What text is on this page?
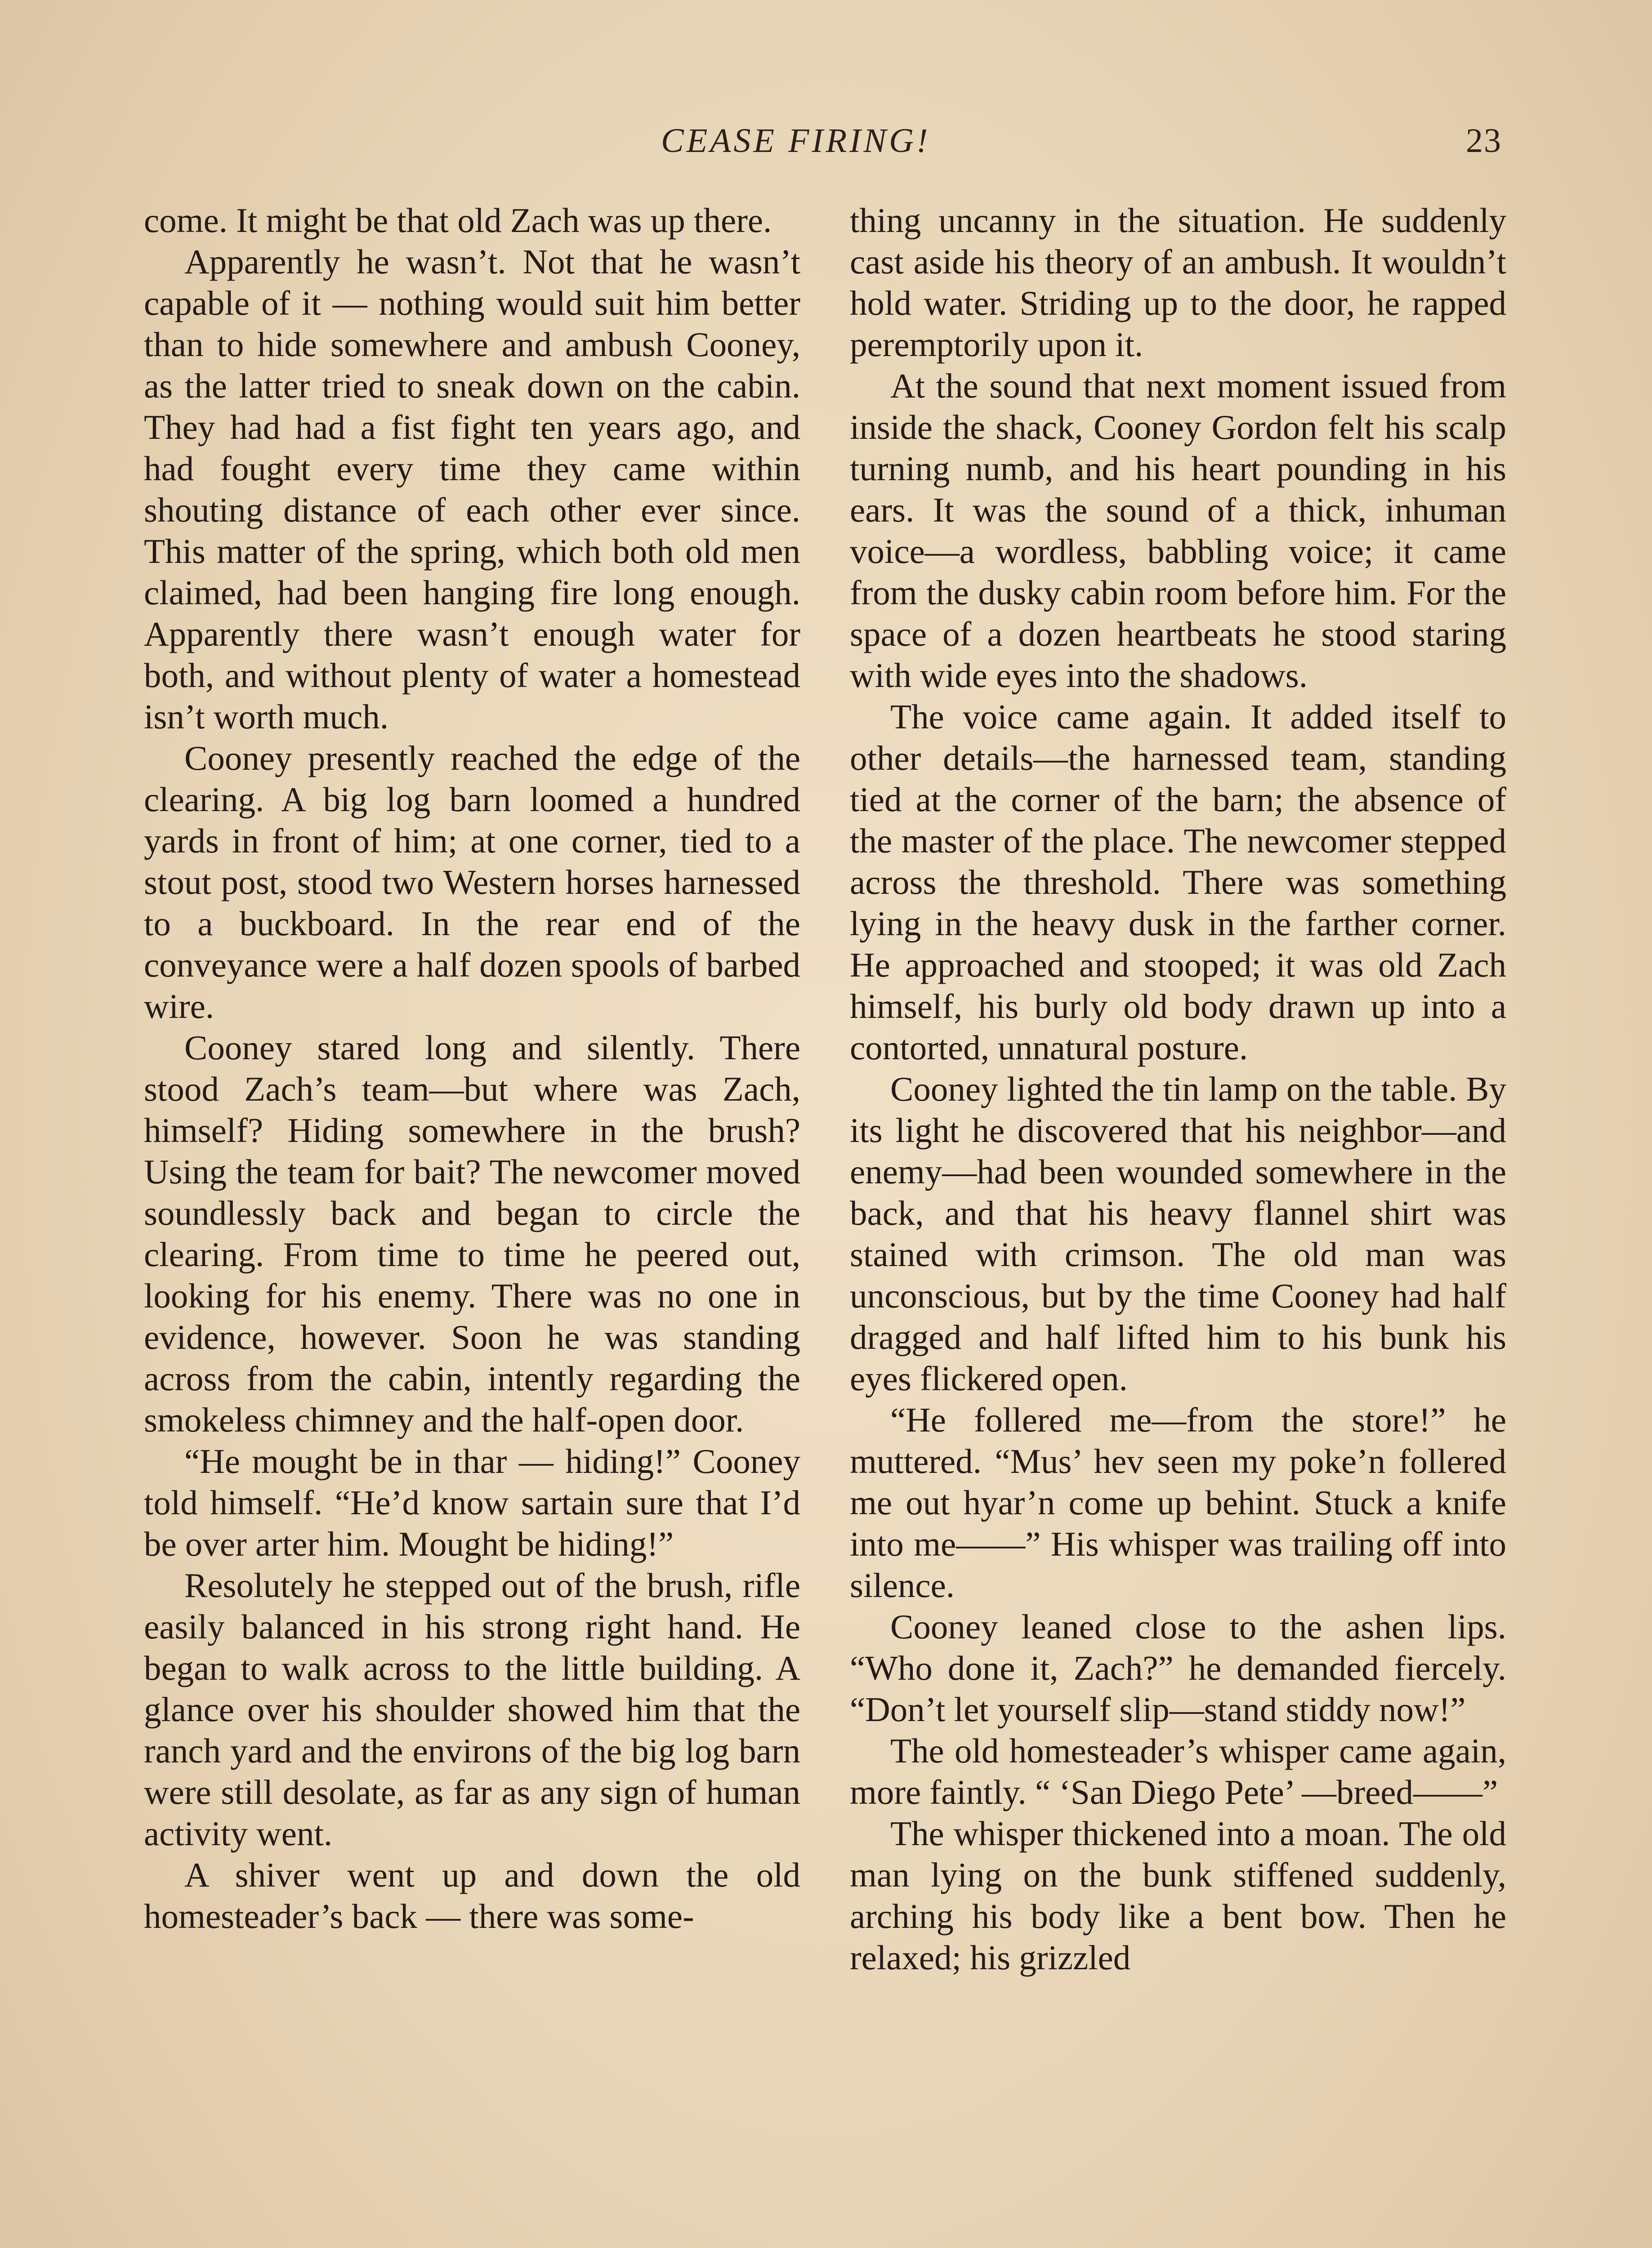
CEASE FIRING!	23

come. It might be that old Zach was up there.

Apparently he wasn’t. Not that he wasn’t capable of it — nothing would suit him better than to hide somewhere and ambush Cooney, as the latter tried to sneak down on the cabin. They had had a fist fight ten years ago, and had fought every time they came within shouting distance of each other ever since. This matter of the spring, which both old men claimed, had been hanging fire long enough. Apparently there wasn’t enough water for both, and without plenty of water a homestead isn’t worth much.

Cooney presently reached the edge of the clearing. A big log barn loomed a hundred yards in front of him; at one corner, tied to a stout post, stood two Western horses harnessed to a buckboard. In the rear end of the conveyance were a half dozen spools of barbed wire.

Cooney stared long and silently. There stood Zach’s team—but where was Zach, himself? Hiding somewhere in the brush? Using the team for bait? The newcomer moved soundlessly back and began to circle the clearing. From time to time he peered out, looking for his enemy. There was no one in evidence, however. Soon he was standing across from the cabin, intently regarding the smokeless chimney and the half-open door.

“He mought be in thar — hiding!” Cooney told himself. “He’d know sartain sure that I’d be over arter him. Mought be hiding!”

Resolutely he stepped out of the brush, rifle easily balanced in his strong right hand. He began to walk across to the little building. A glance over his shoulder showed him that the ranch yard and the environs of the big log barn were still desolate, as far as any sign of human activity went.

A shiver went up and down the old homesteader’s back — there was some-

thing uncanny in the situation. He suddenly cast aside his theory of an ambush. It wouldn’t hold water. Striding up to the door, he rapped peremptorily upon it.

At the sound that next moment issued from inside the shack, Cooney Gordon felt his scalp turning numb, and his heart pounding in his ears. It was the sound of a thick, inhuman voice—a wordless, babbling voice; it came from the dusky cabin room before him. For the space of a dozen heartbeats he stood staring with wide eyes into the shadows.

The voice came again. It added itself to other details—the harnessed team, standing tied at the corner of the barn; the absence of the master of the place. The newcomer stepped across the threshold. There was something lying in the heavy dusk in the farther corner. He approached and stooped; it was old Zach himself, his burly old body drawn up into a contorted, unnatural posture.

Cooney lighted the tin lamp on the table. By its light he discovered that his neighbor—and enemy—had been wounded somewhere in the back, and that his heavy flannel shirt was stained with crimson. The old man was unconscious, but by the time Cooney had half dragged and half lifted him to his bunk his eyes flickered open.

“He follered me—from the store!” he muttered. “Mus’ hev seen my poke’n follered me out hyar’n come up behint. Stuck a knife into me——” His whisper was trailing off into silence.

Cooney leaned close to the ashen lips. “Who done it, Zach?” he demanded fiercely. “Don’t let yourself slip—stand stiddy now!”

The old homesteader’s whisper came again, more faintly. “ ‘San Diego Pete’ —breed——”

The whisper thickened into a moan. The old man lying on the bunk stiffened suddenly, arching his body like a bent bow. Then he relaxed; his grizzled
